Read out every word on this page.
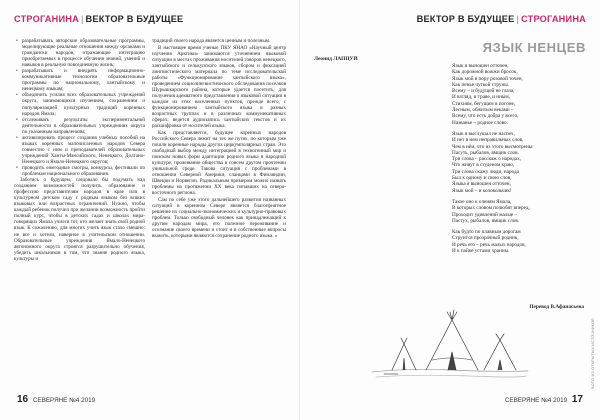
СТРОГАНИНА | ВЕКТОР В БУДУЩЕЕ
• разрабатывать авторские образовательные программы, моделирующие реальные отношения между органами и граждански народов, отражающие интеграцию приобретаемых в процессе обучения знаний, умений и навыков в реальную повседневную жизнь;
• разрабатывать и внедрять информационно-коммуникативные технологии образовательные программы по национальному, хантыйскому и ненецкому языкам;
• объединить усилия всех образовательных учреждений округа, занимающихся изучением, сохранением и популяризацией культурных традиций коренных народов Ямала;
• отслеживать результаты экспериментальной деятельности в образовательных учреждениях округа по указанным направлениям;
• активизировать процесс создания учебных пособий на языках коренных малочисленных народов Севера совместно с ним и преподавателей образовательных учреждений Ханты-Мансийского, Ненецкого, Долгано-Ненецкого и Ямало-Ненецкого округов;
• проводить ежегодные смотры, конкурсы, фестивали по проблемам национального образования.

Заботясь о будущем, следовало бы подумать над созданием возможностей получить образование и профессию представителям народов в крае или в культурном детском саду с родным языком без всяких языковых или возрастных ограничений. Нужно, чтобы каждый ребенок получил при желании возможность пройти полный курс, чтобы в детских садах и школах мира-говорящих Ямала учился тот, кто желает знать свой родной язык. К сожалению, для многих учить язык стало смешно: не все и хотели, наверное в учительском отношении. Образовательные учреждения Ямало-Ненецкого автономного округа строятся разрушительно обучения, убедить школьников в том, что знание родного языка, культуры и

традиций своего народа является ценным и полезным.

В настоящее время ученые ПКУ ЯНАО «Научный центр изучения Арктики» занимаются уточнением языковой ситуации в местах проживания носителей говоров ненецкого, хантыйского и селькупского языков, сбором и фиксацией лингвистического материала по теме исследовательской работы «Функционирование хантыйского языка», проведением социолингвистического обследования поселков Шурышкарского района, которые удается посетить, для получения адекватного представления о языковой ситуации в каждом из этих населенных пунктов, прежде всего, с функционированием хантыйского языка в разных возрастных группах и в различных коммуникативных сферах; ведется аудиозапись хантыйских текстов и их расшифровка от носителей языка.

Как представляется, будущее коренных народов Российского Севера лежит на тех же путях, по которым уже пошли коренные народы других циркумполярных стран. Это свободный выбор между интеграцией в техногенный мир и поиском новых форм адаптации родного языка в народной культуре, проживание общества в совсем другом прочтении уникальной среде. Такова ситуация с проблемами в отношении Северной Америки, сланцами в Финляндии, Швеции и Норвегии. Радикальным примером можно назвать проблемы на протяжении XX века попавших на северо-восточного региона.

Сам по себе уже этого дальнейшего развития названных ситуаций в коренном Севере является благоприятное решение их социально-экономических и культурно-правовых проблем. Только свободный человек как принадлежащий к другим народам мира, его полезное переживание и осознание своего времени и стоит и в собственные вопросы выжить, которыми являются сохранение родного языка. »

16 СЕВЕРЯНЕ №4 2019
ВЕКТОР В БУДУЩЕЕ | СТРОГАНИНА
ЯЗЫК НЕНЦЕВ
Леонид ЛАПЦУЙ
Язык я выношен отточен,
Как дорожной вожжи бросок,
Язык мой в пору розовой точен,
Как пенье чуткой струны.
Всему – и будущей не глаза,
И взгляд, и траве, и иным,
Стихиям, бегущим в погоне,
Лесным, обжитым веками –
Всему, что есть добра у всего,
Названье – родное слово.
Язык я выслушал не наспех,
И нет в нем неправильных слов,
Чем в нём, что из этого высмотрены:
Пасуть, рыбалов, ямщик слов.
Три слова – расскаж о народах,
Что живут в студеном краю,
Три слова скажу люди, народа
Был к одному и свою слов,
Языка я выношен отточен,
Язык мой – и колокольчик!
Такое оно к оленям Ямала,
В которых словом полюбят вперед,
Проходит удивлений малые –
Пастух, рыбалов, ямщик слов.
Как будто по плавным дорогам
Струится прозрачный родник,
И речь его – речь малых народов,
И к пайке устами храним.
Перевод В.Афанасьева
ФОТО ИЗ ОТКРЫТЫХ ИСТОЧНИКОВ
СЕВЕРЯНЕ №4 2019 17
